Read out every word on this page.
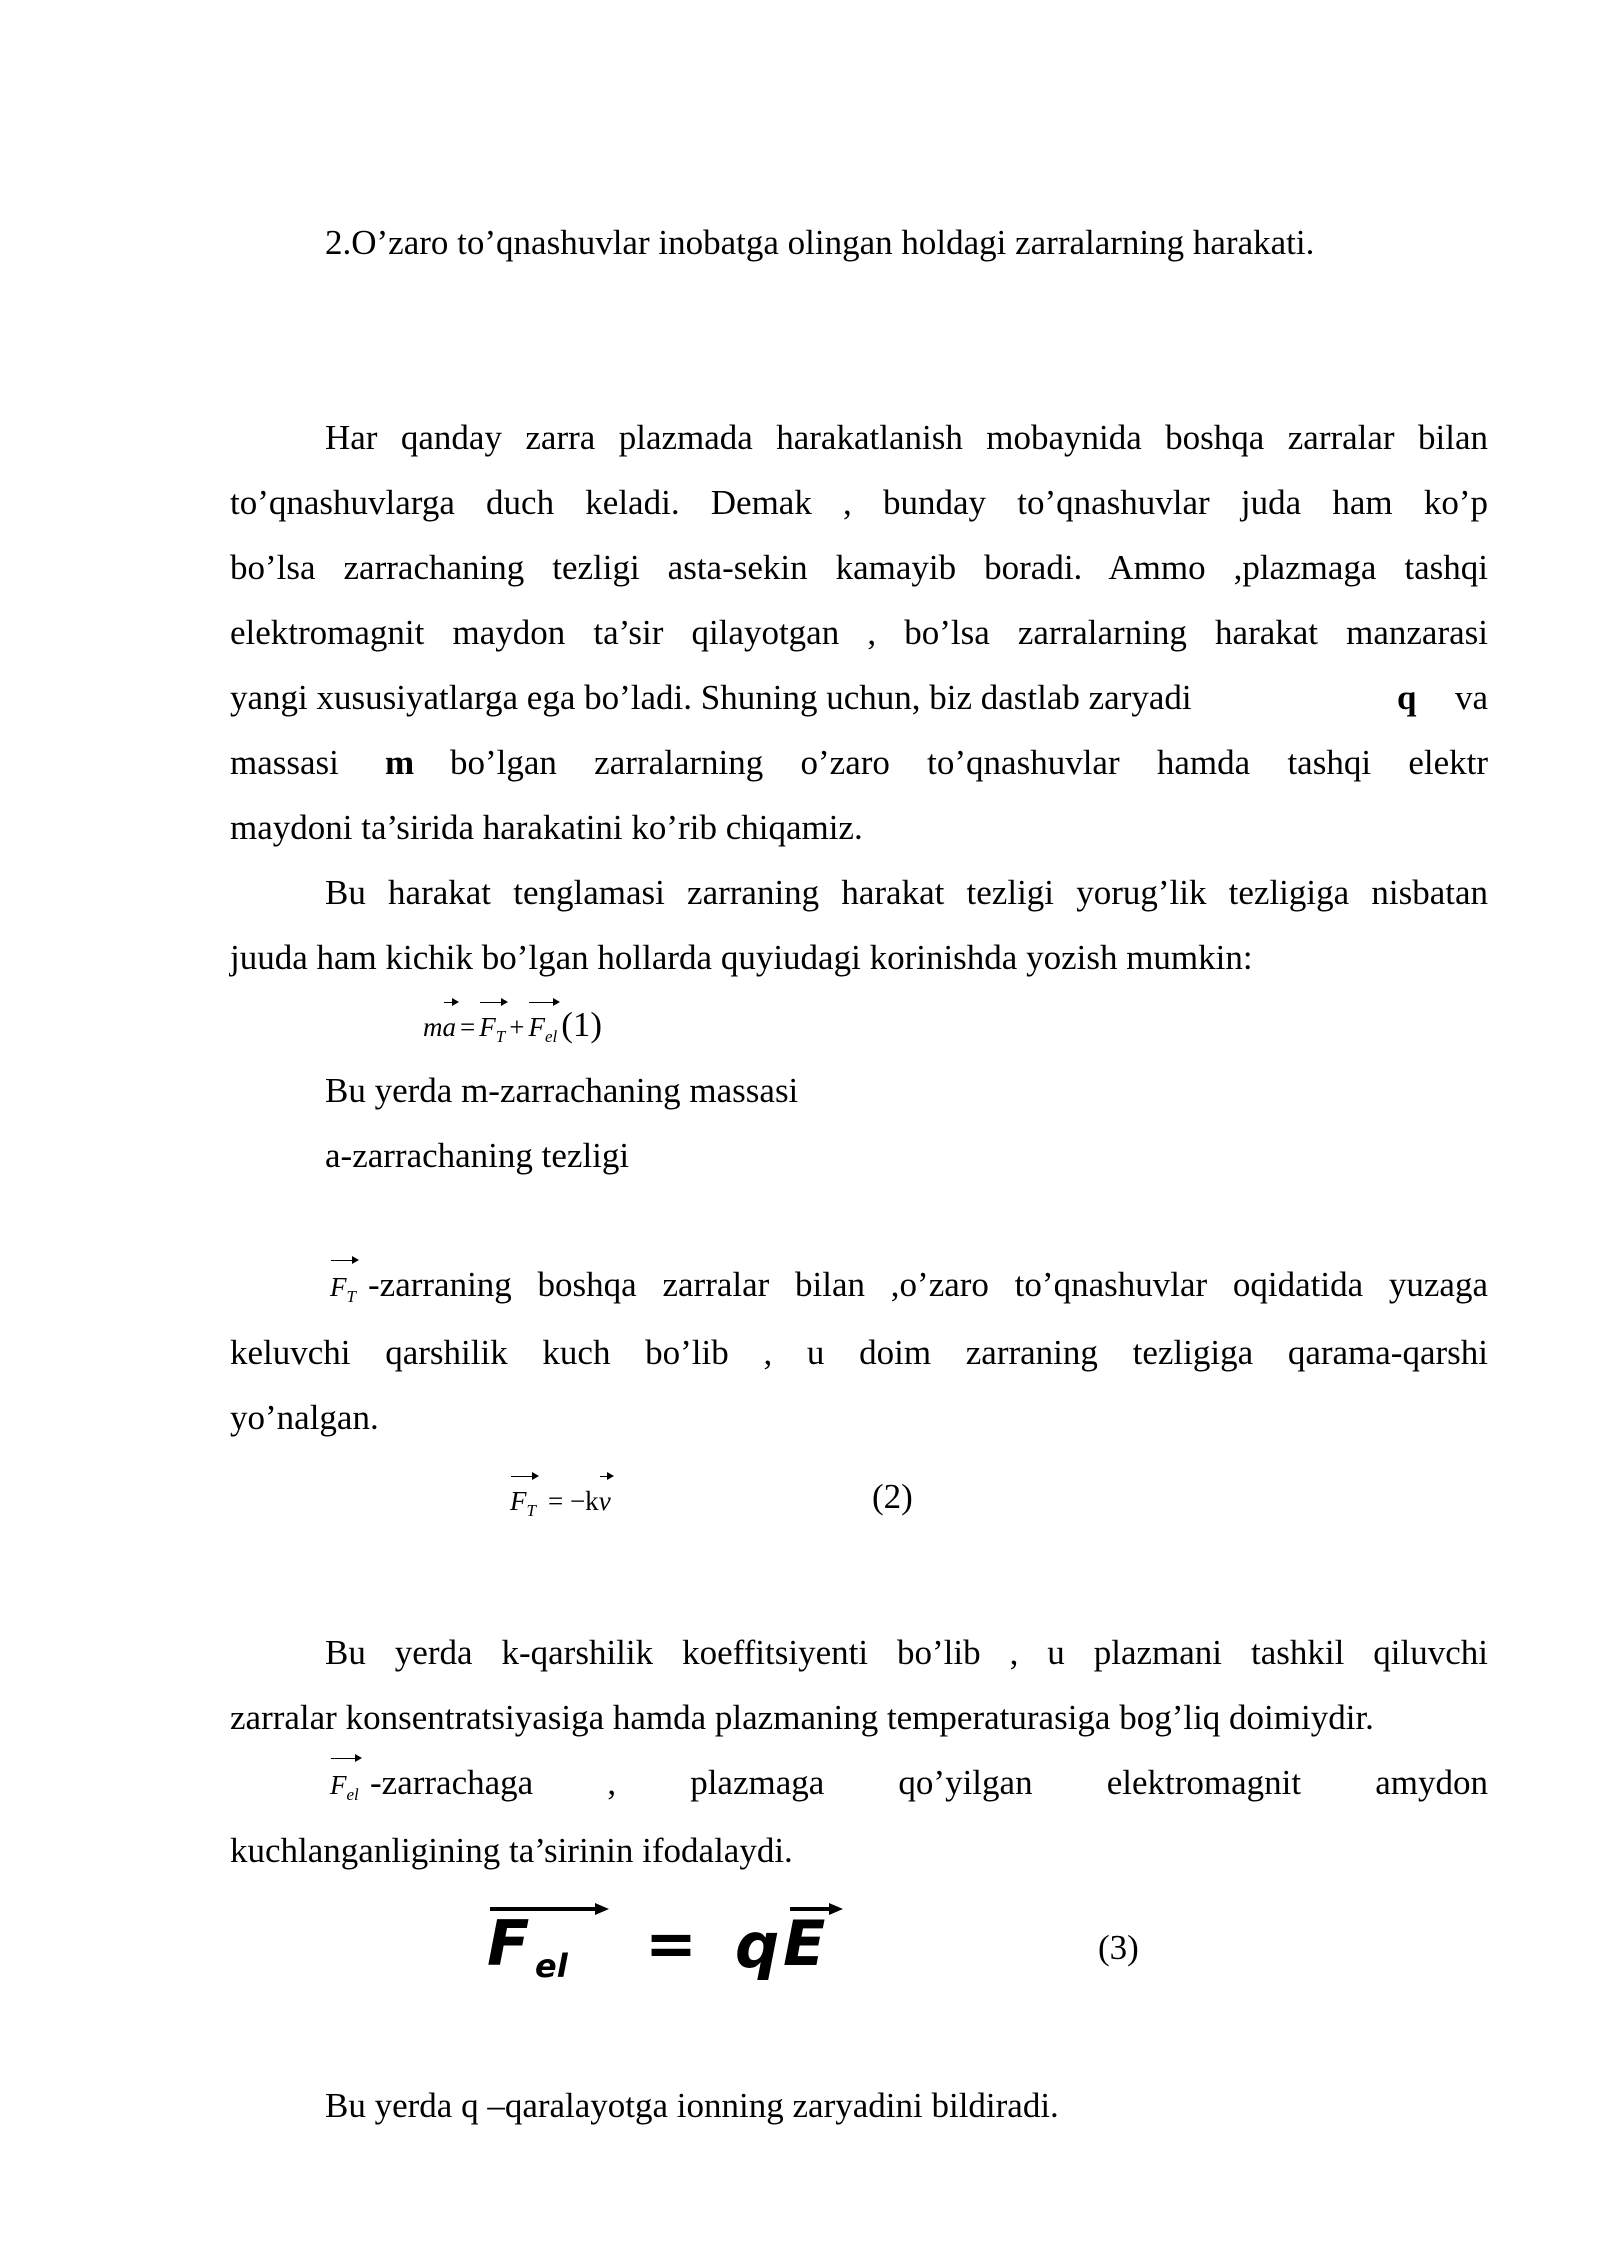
2.O’zaro to’qnashuvlar inobatga olingan holdagi zarralarning harakati.
Har qanday zarra plazmada harakatlanish mobaynida boshqa zarralar bilan
to’qnashuvlarga duch keladi. Demak , bunday to’qnashuvlar juda ham ko’p
bo’lsa zarrachaning tezligi asta-sekin kamayib boradi. Ammo ,plazmaga tashqi
elektromagnit maydon ta’sir qilayotgan , bo’lsa zarralarning harakat manzarasi
yangi xususiyatlarga ega bo’ladi. Shuning uchun, biz dastlab zaryadi	q va
massasi m bo’lgan zarralarning o’zaro to’qnashuvlar hamda tashqi elektr
maydoni ta’sirida harakatini ko’rib chiqamiz.
Bu harakat tenglamasi zarraning harakat tezligi yorug’lik tezligiga nisbatan
juuda ham kichik bo’lgan hollarda quyiudagi korinishda yozish mumkin:
ma = FT + Fel (1)
Bu yerda m-zarrachaning massasi
a-zarrachaning tezligi
FT -zarraning boshqa zarralar bilan ,o’zaro to’qnashuvlar oqidatida yuzaga
keluvchi qarshilik kuch bo’lib , u doim zarraning tezligiga qarama-qarshi
yo’nalgan.
FT = −kv	(2)
Bu yerda k-qarshilik koeffitsiyenti bo’lib , u plazmani tashkil qiluvchi
zarralar konsentratsiyasiga hamda plazmaning temperaturasiga bog’liq doimiydir.
Fel -zarrachaga , plazmaga qo’yilgan elektromagnit amydon
kuchlanganligining ta’sirinin ifodalaydi.
F el = q E	(3)
Bu yerda q –qaralayotga ionning zaryadini bildiradi.
